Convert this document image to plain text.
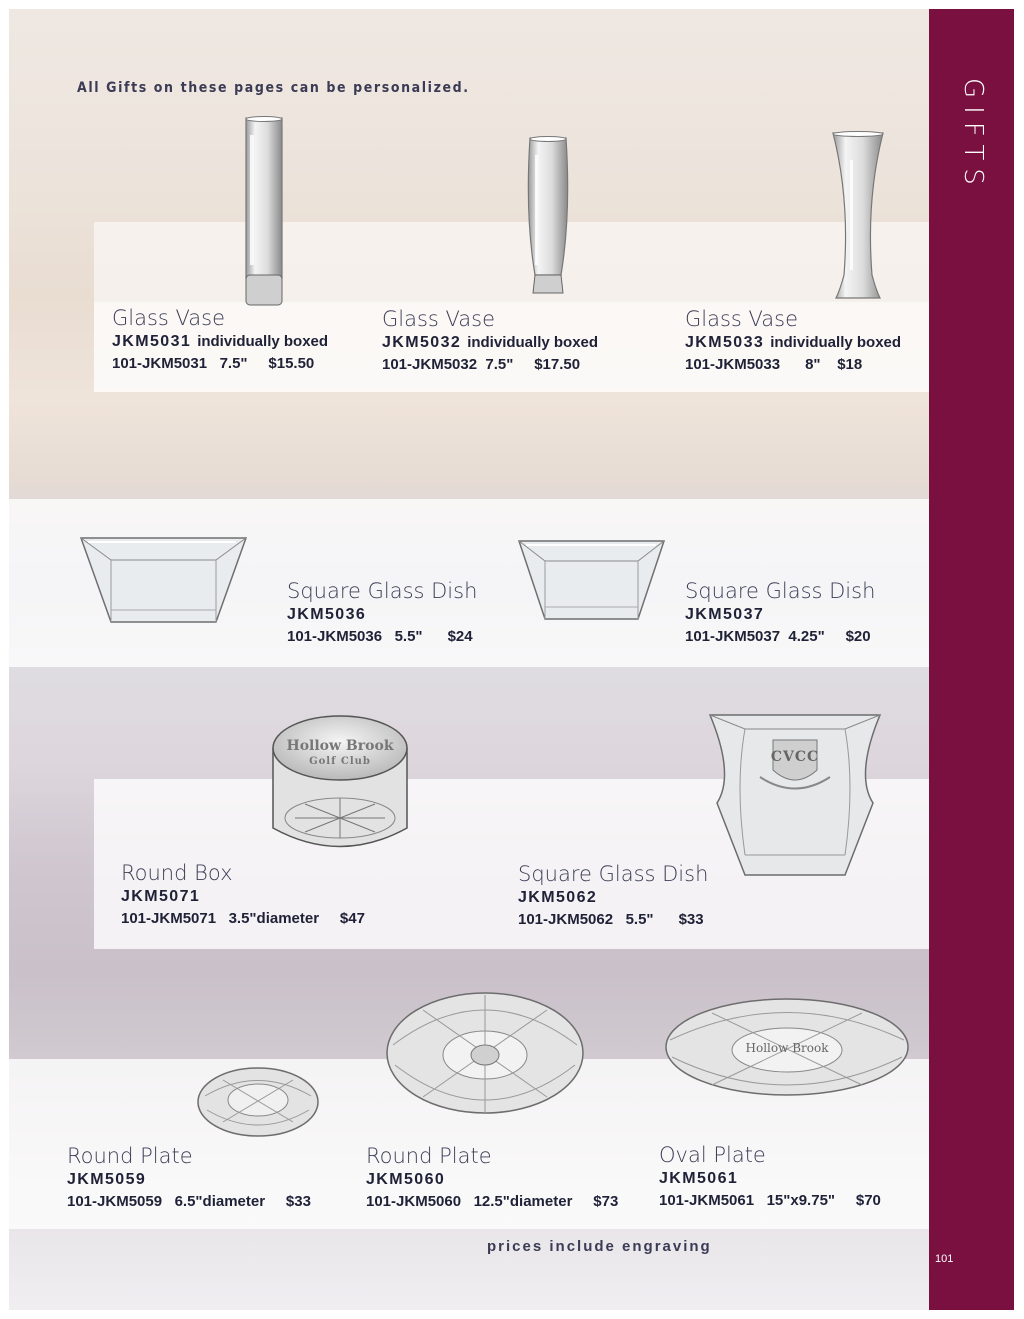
GIFTS
101
All Gifts on these pages can be personalized.
Hollow Brook
Golf Club	CVCC
Hollow Brook
Glass Vase
JKM5031 individually boxed
101-JKM5031 7.5" $15.50
Glass Vase
JKM5032 individually boxed
101-JKM5032 7.5" $17.50
Glass Vase
JKM5033 individually boxed
101-JKM5033 8" $18
Square Glass Dish
JKM5036
101-JKM5036 5.5" $24
Square Glass Dish
JKM5037
101-JKM5037 4.25" $20
Round Box
JKM5071
101-JKM5071 3.5"diameter $47
Square Glass Dish
JKM5062
101-JKM5062 5.5" $33
Round Plate
JKM5059
101-JKM5059 6.5"diameter $33
Round Plate
JKM5060
101-JKM5060 12.5"diameter $73
Oval Plate
JKM5061
101-JKM5061 15"x9.75" $70
prices include engraving
